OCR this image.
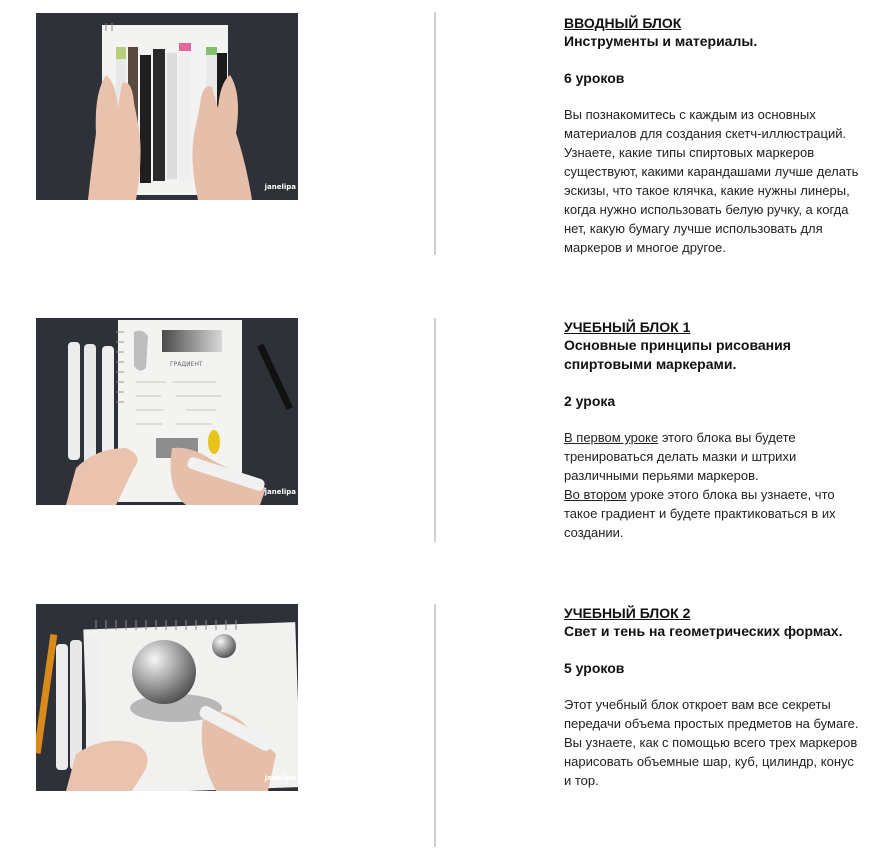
janelipa

ВВОДНЫЙ БЛОК

Инструменты и материалы.

6 уроков

Вы познакомитесь с каждым из основных материалов для создания скетч-иллюстраций. Узнаете, какие типы спиртовых маркеров существуют, какими карандашами лучше делать эскизы, что такое клячка, какие нужны линеры, когда нужно использовать белую ручку, а когда нет, какую бумагу лучше использовать для маркеров и многое другое.

ГРАДИЕНТ
janelipa

УЧЕБНЫЙ БЛОК 1

Основные принципы рисования спиртовыми маркерами.

2 урока

В первом уроке этого блока вы будете тренироваться делать мазки и штрихи различными перьями маркеров.

Во втором уроке этого блока вы узнаете, что такое градиент и будете практиковаться в их создании.

janelipa

УЧЕБНЫЙ БЛОК 2

Свет и тень на геометрических формах.

5 уроков

Этот учебный блок откроет вам все секреты передачи объема простых предметов на бумаге.

Вы узнаете, как с помощью всего трех маркеров нарисовать объемные шар, куб, цилиндр, конус и тор.
